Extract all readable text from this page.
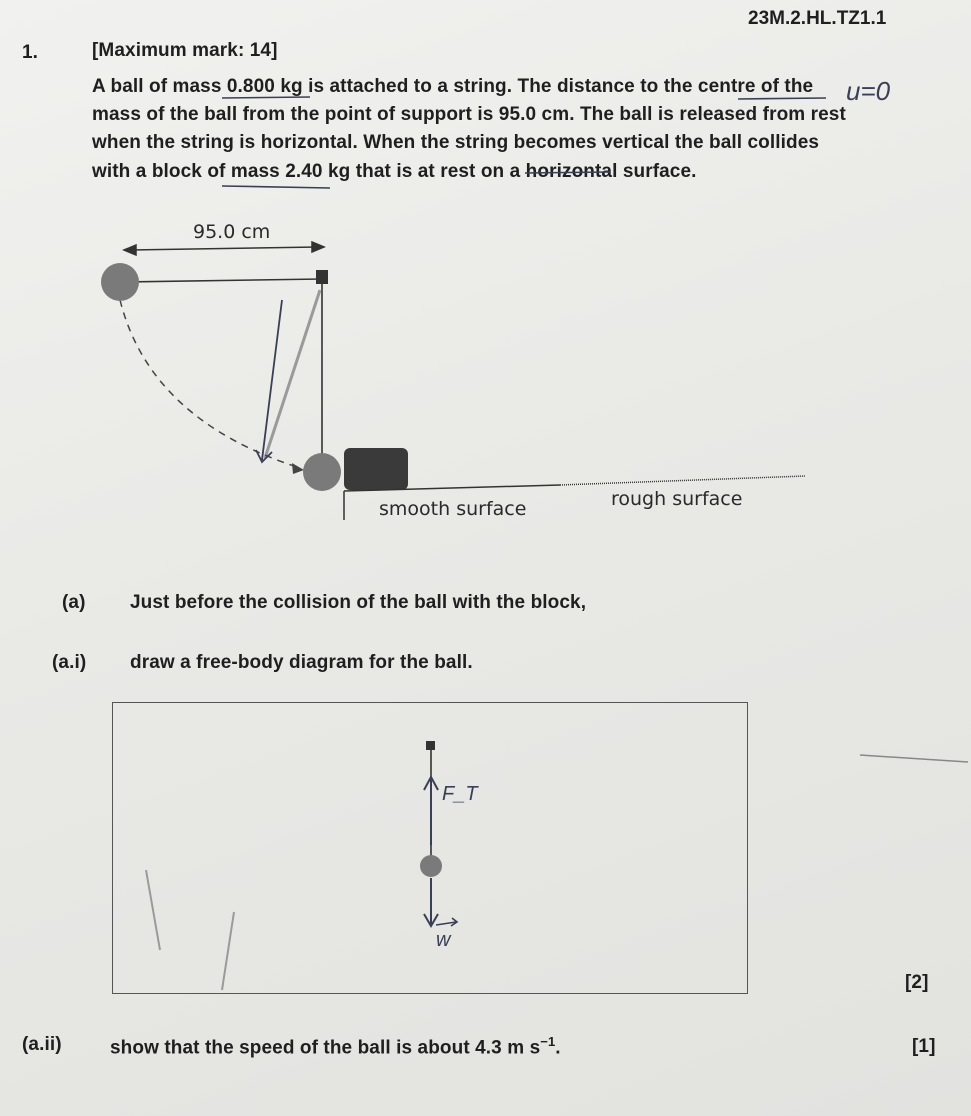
23M.2.HL.TZ1.1
1.	[Maximum mark: 14]
A ball of mass 0.800 kg is attached to a string. The distance to the centre of the
mass of the ball from the point of support is 95.0 cm. The ball is released from rest
when the string is horizontal. When the string becomes vertical the ball collides
with a block of mass 2.40 kg that is at rest on a horizontal surface.
u=0
F_T
w
95.0 cm
smooth surface	rough surface
(a) Just before the collision of the ball with the block,
(a.i) draw a free-body diagram for the ball.
[2]
(a.ii)	show that the speed of the ball is about 4.3 m $s^{-1}$.	[1]
